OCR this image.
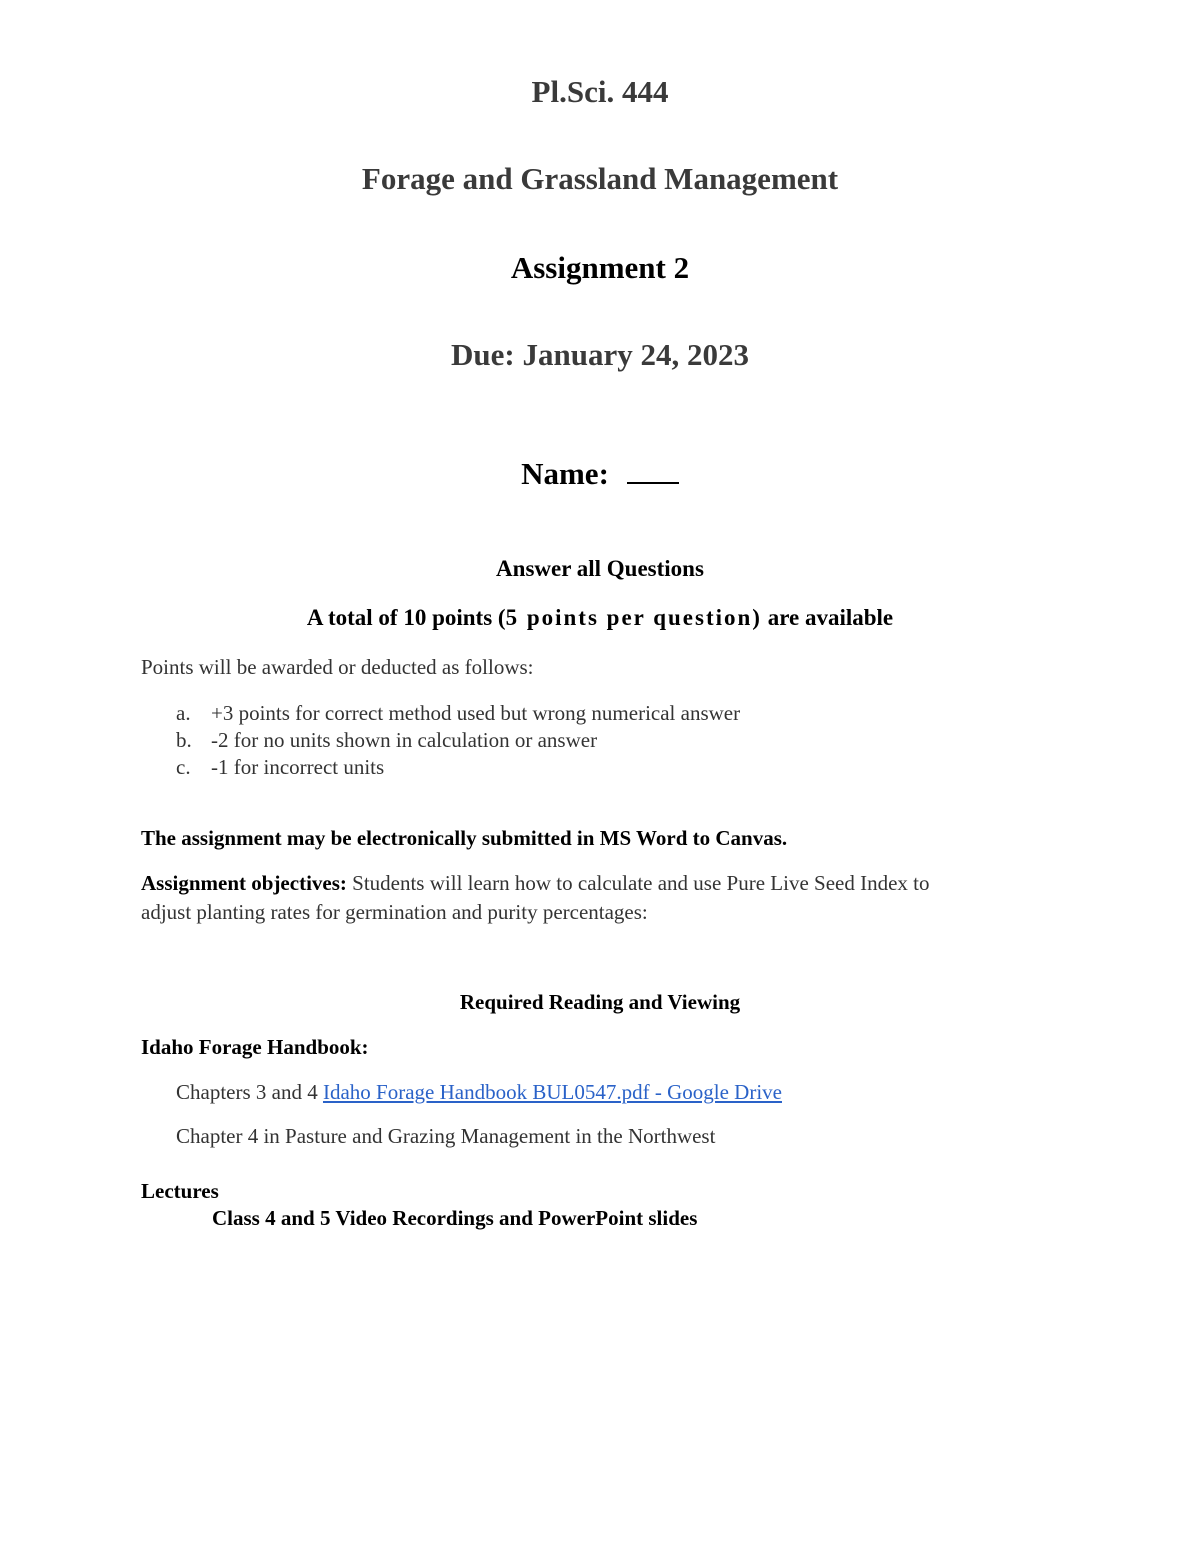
Pl.Sci. 444
Forage and Grassland Management
Assignment 2
Due: January 24, 2023
Name:
Answer all Questions
A total of 10 points (5 points per question) are available
Points will be awarded or deducted as follows:
a. +3 points for correct method used but wrong numerical answer
b. -2 for no units shown in calculation or answer
c. -1 for incorrect units
The assignment may be electronically submitted in MS Word to Canvas.
Assignment objectives: Students will learn how to calculate and use Pure Live Seed Index to
adjust planting rates for germination and purity percentages:
Required Reading and Viewing
Idaho Forage Handbook:
Chapters 3 and 4 Idaho Forage Handbook BUL0547.pdf - Google Drive
Chapter 4 in Pasture and Grazing Management in the Northwest
Lectures
Class 4 and 5 Video Recordings and PowerPoint slides
